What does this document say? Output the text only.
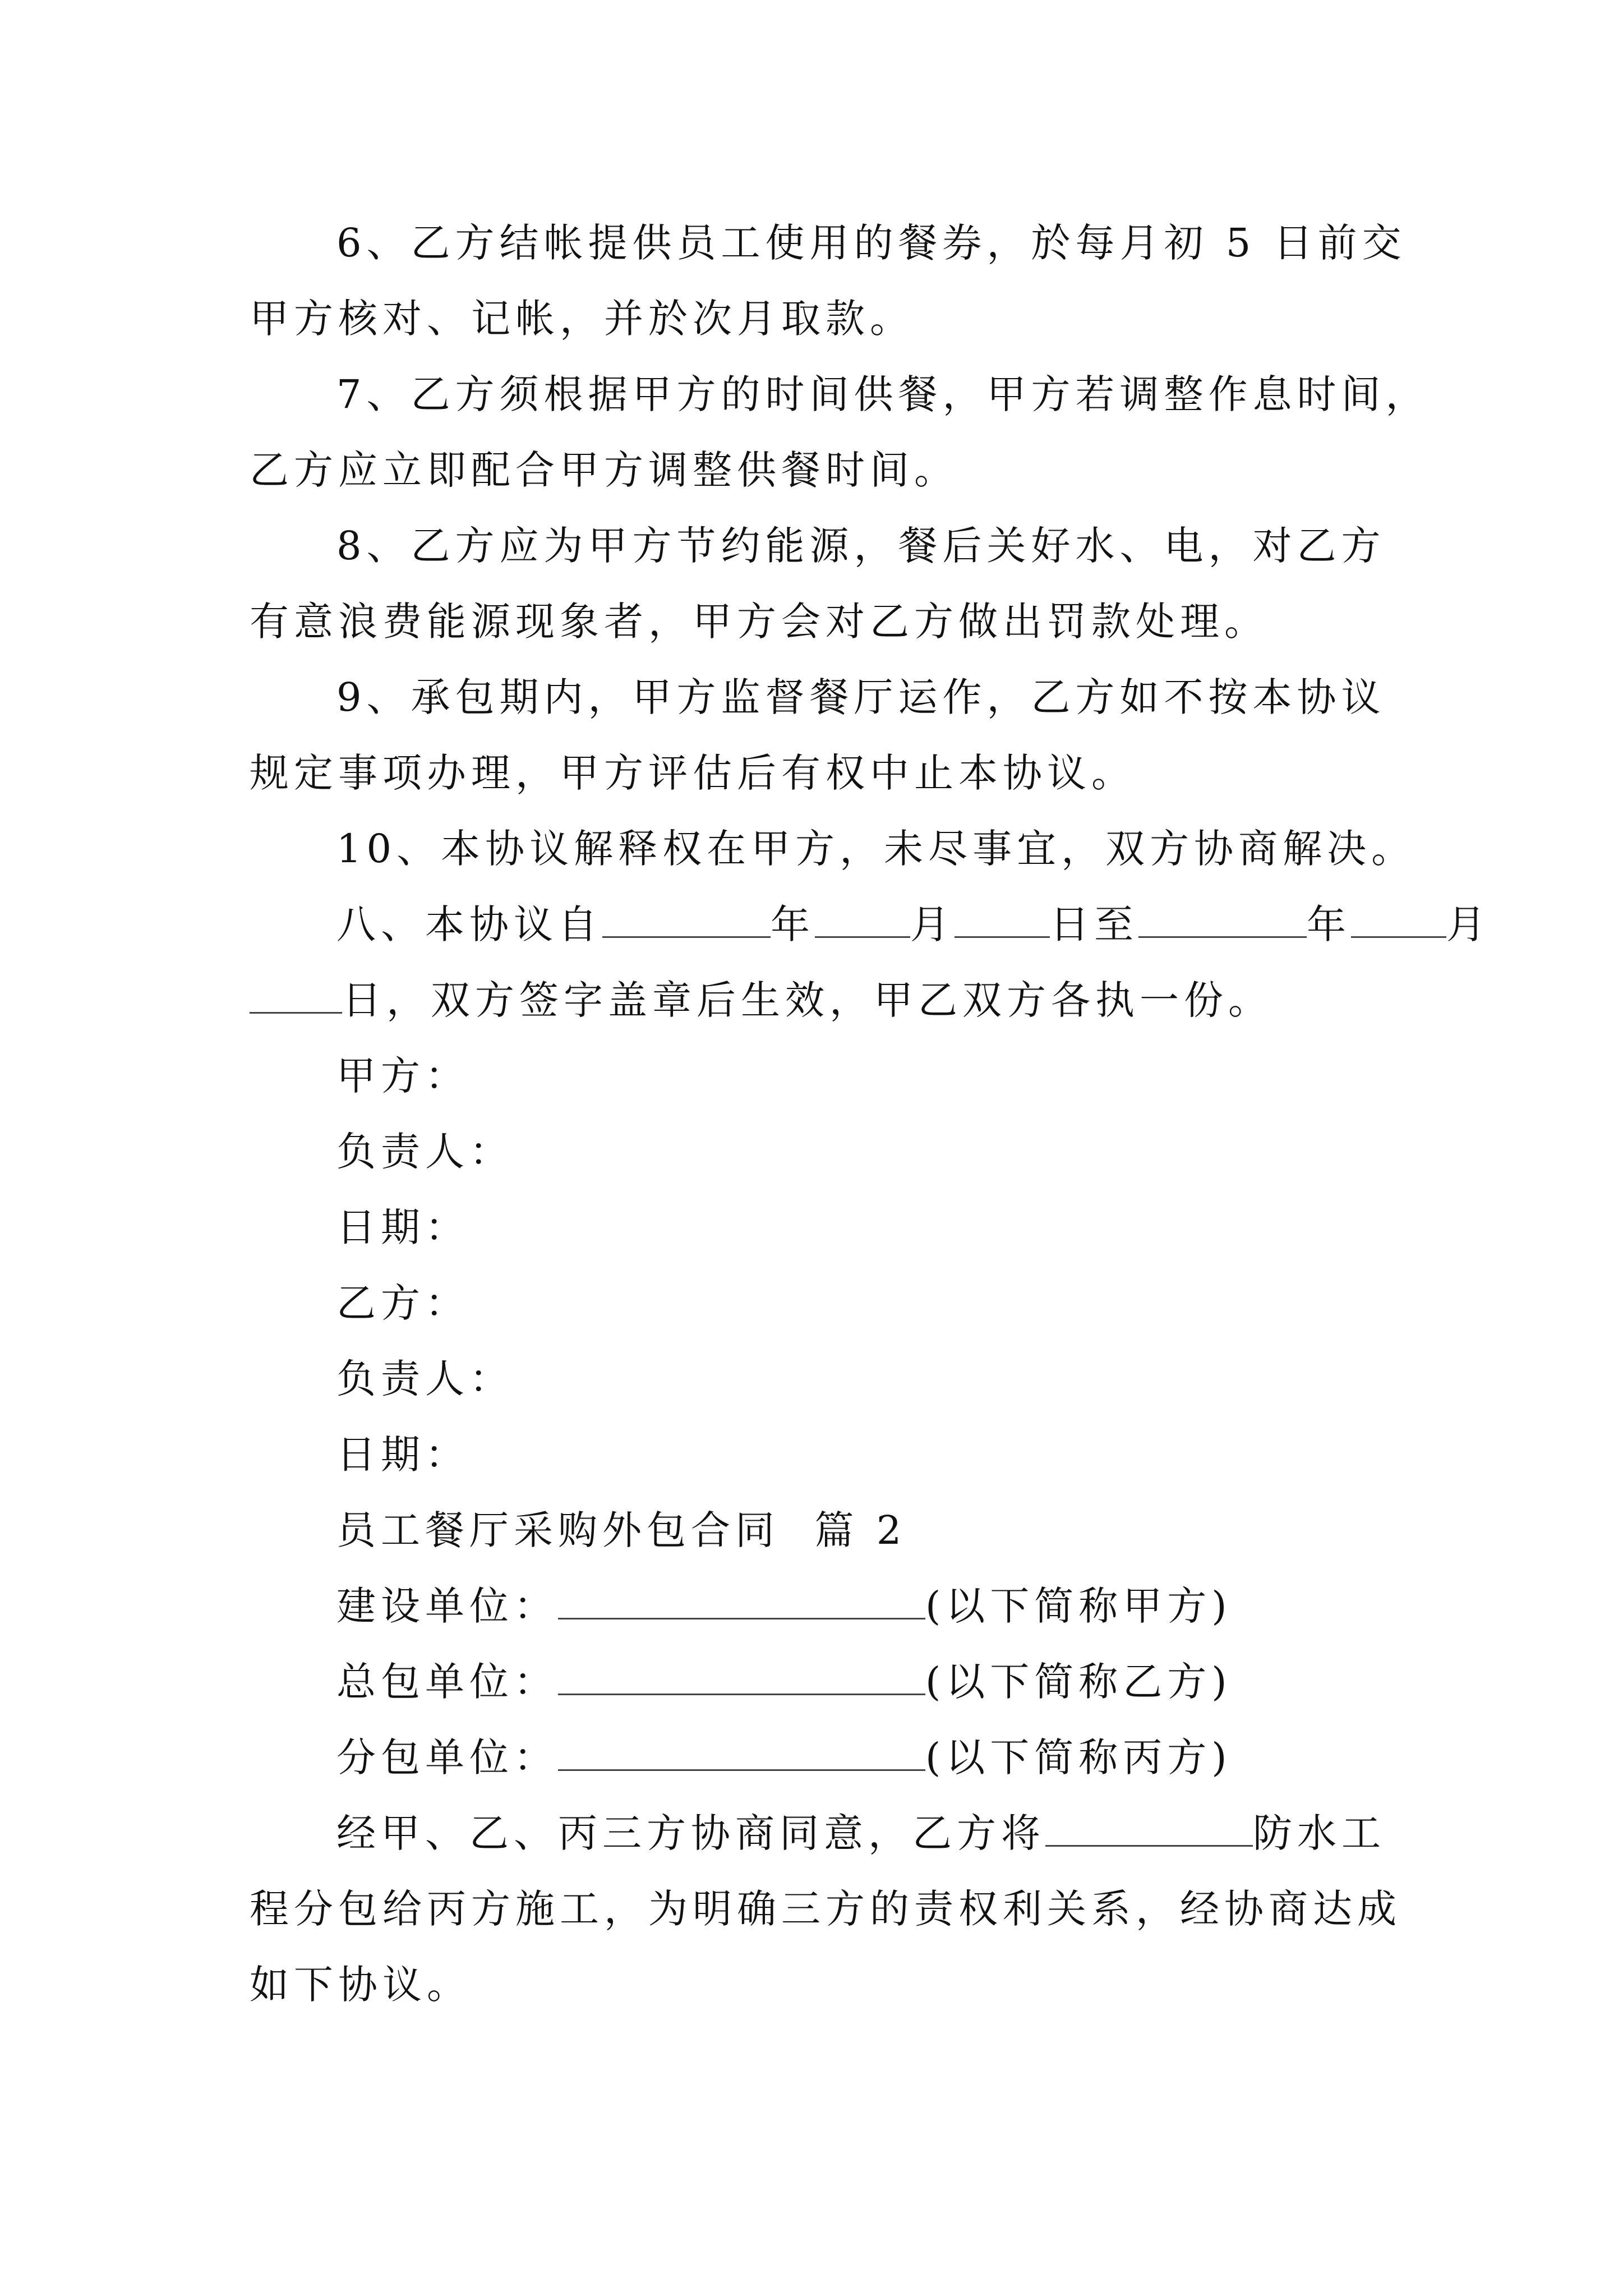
6、乙方结帐提供员工使用的餐券，於每月初 5 日前交
甲方核对、记帐，并於次月取款。
7、乙方须根据甲方的时间供餐，甲方若调整作息时间，
乙方应立即配合甲方调整供餐时间。
8、乙方应为甲方节约能源，餐后关好水、电，对乙方
有意浪费能源现象者，甲方会对乙方做出罚款处理。
9、承包期内，甲方监督餐厅运作，乙方如不按本协议
规定事项办理，甲方评估后有权中止本协议。
10、本协议解释权在甲方，未尽事宜，双方协商解决。
八、本协议自	年 月 日至	年 月
日，双方签字盖章后生效，甲乙双方各执一份。
甲方：
负责人：
日期：
乙方：
负责人：
日期：
员工餐厅采购外包合同  篇 2
建设单位：	(以下简称甲方)
总包单位：	(以下简称乙方)
分包单位：	(以下简称丙方)
经甲、乙、丙三方协商同意，乙方将	防水工
程分包给丙方施工，为明确三方的责权利关系，经协商达成
如下协议。
